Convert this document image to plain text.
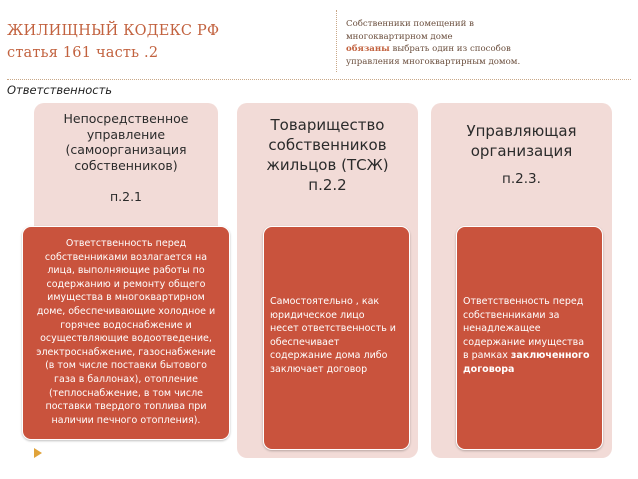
ЖИЛИЩНЫЙ КОДЕКС РФ
статья 161 часть .2
Собственники помещений в
многоквартирном доме
обязаны выбрать один из способов
управления многоквартирным домом.
Ответственность
Непосредственное
управление
(самоорганизация
собственников)
п.2.1
Ответственность перед
собственниками возлагается на
лица, выполняющие работы по
содержанию и ремонту общего
имущества в многоквартирном
доме, обеспечивающие холодное и
горячее водоснабжение и
осуществляющие водоотведение,
электроснабжение, газоснабжение
(в том числе поставки бытового
газа в баллонах), отопление
(теплоснабжение, в том числе
поставки твердого топлива при
наличии печного отопления).
Товарищество
собственников
жильцов (ТСЖ)
п.2.2
Самостоятельно , как
юридическое лицо
несет ответственность и
обеспечивает
содержание дома либо
заключает договор
Управляющая
организация
п.2.3.
Ответственность перед
собственниками за
ненадлежащее
содержание имущества
в рамках заключенного
договора
